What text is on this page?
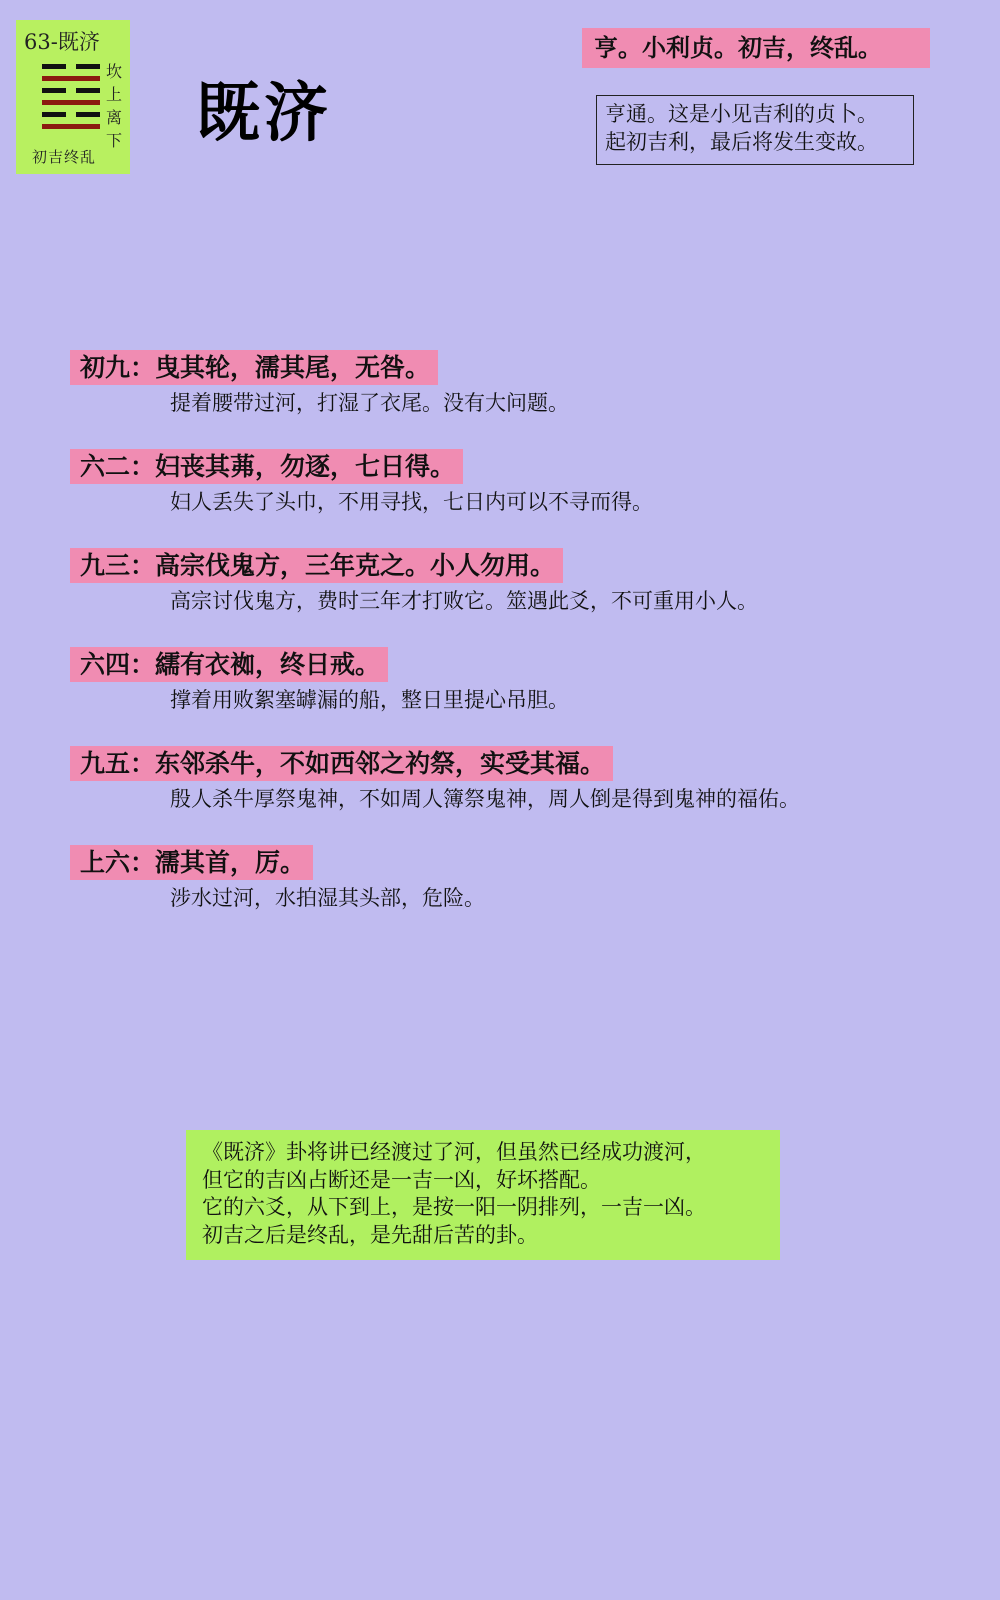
63-既济
坎
上
离
下
初吉终乱
既济
亨。小利贞。初吉，终乱。
亨通。这是小见吉利的贞卜。
起初吉利，最后将发生变故。
初九：曳其轮，濡其尾，无咎。
提着腰带过河，打湿了衣尾。没有大问题。
六二：妇丧其茀，勿逐，七日得。
妇人丢失了头巾，不用寻找，七日内可以不寻而得。
九三：高宗伐鬼方，三年克之。小人勿用。
高宗讨伐鬼方，费时三年才打败它。筮遇此爻，不可重用小人。
六四：繻有衣袽，终日戒。
撑着用败絮塞罅漏的船，整日里提心吊胆。
九五：东邻杀牛，不如西邻之礿祭，实受其福。
殷人杀牛厚祭鬼神，不如周人簿祭鬼神，周人倒是得到鬼神的福佑。
上六：濡其首，厉。
涉水过河，水拍湿其头部，危险。
《既济》卦将讲已经渡过了河，但虽然已经成功渡河，
但它的吉凶占断还是一吉一凶，好坏搭配。
它的六爻，从下到上，是按一阳一阴排列，一吉一凶。
初吉之后是终乱，是先甜后苦的卦。
